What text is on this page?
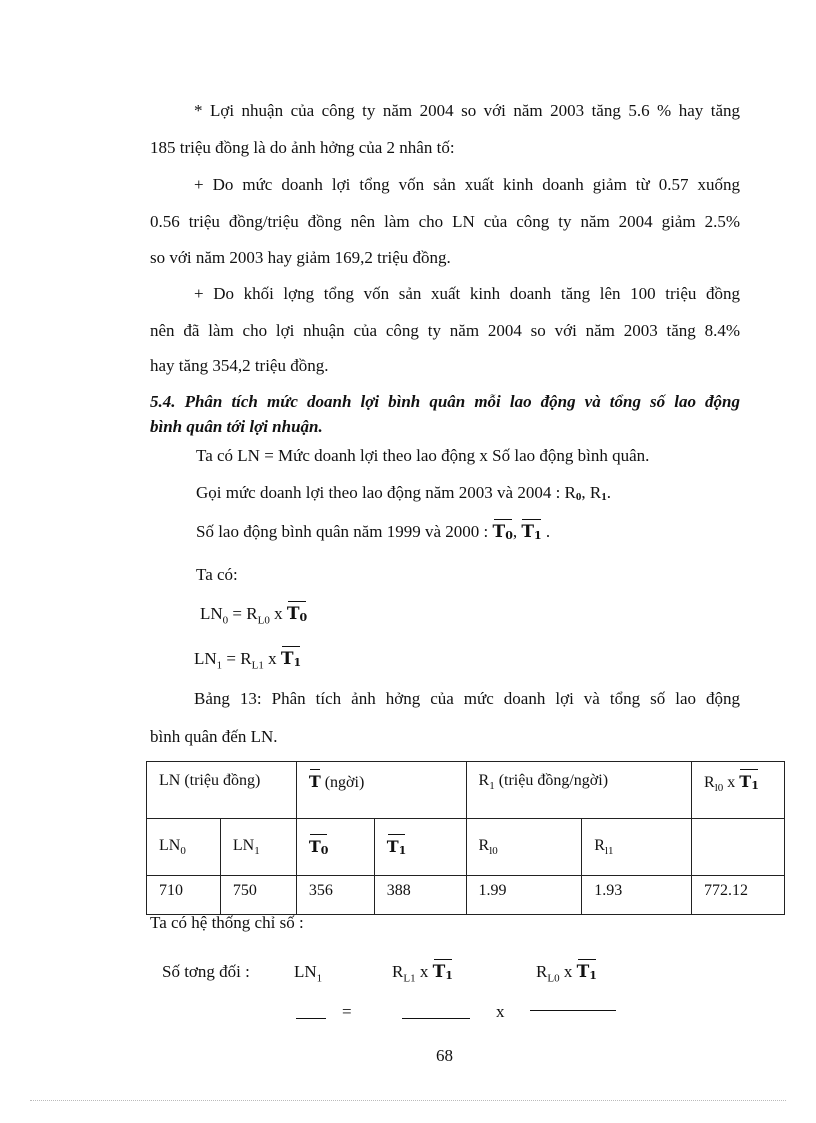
* Lợi nhuận của công ty năm 2004 so với năm 2003 tăng 5.6 % hay tăng
185 triệu đồng là do ảnh hởng của 2 nhân tố:
+ Do mức doanh lợi tổng vốn sản xuất kinh doanh giảm từ 0.57 xuống
0.56 triệu đồng/triệu đồng nên làm cho LN của công ty năm 2004 giảm 2.5%
so với năm 2003 hay giảm 169,2 triệu đồng.
+ Do khối lợng tổng vốn sản xuất kinh doanh tăng lên 100 triệu đồng
nên đã làm cho lợi nhuận của công ty năm 2004 so với năm 2003 tăng 8.4%
hay tăng 354,2 triệu đồng.
5.4. Phân tích mức doanh lợi bình quân mỗi lao động và tổng số lao động
bình quân tới lợi nhuận.
Ta có LN = Mức doanh lợi theo lao động x Số lao động bình quân.
Gọi mức doanh lợi theo lao động năm 2003 và 2004 : R0, R1.
Số lao động bình quân năm 1999 và 2000 : T0,
T1 .
Ta có:
$LN_0 = R_{L0}$ x T0
$LN_1 = R_{L1}$ x T1
Bảng 13: Phân tích ảnh hởng của mức doanh lợi và tổng số lao động
bình quân đến LN.
LN (triệu đồng)		T (ngời)		$R_1$ (triệu đồng/ngời)		$R_{l0}$ x T1
$LN_0$	$LN_1$	T0	T1	$R_{l0}$	$R_{l1}$	
710	750	356	388	1.99	1.93	772.12
Ta có hệ thống chỉ số :
Số tơng đối :	$LN_1$	$R_{L1}$ x T1	$R_{L0}$ x T1
=	x
68
